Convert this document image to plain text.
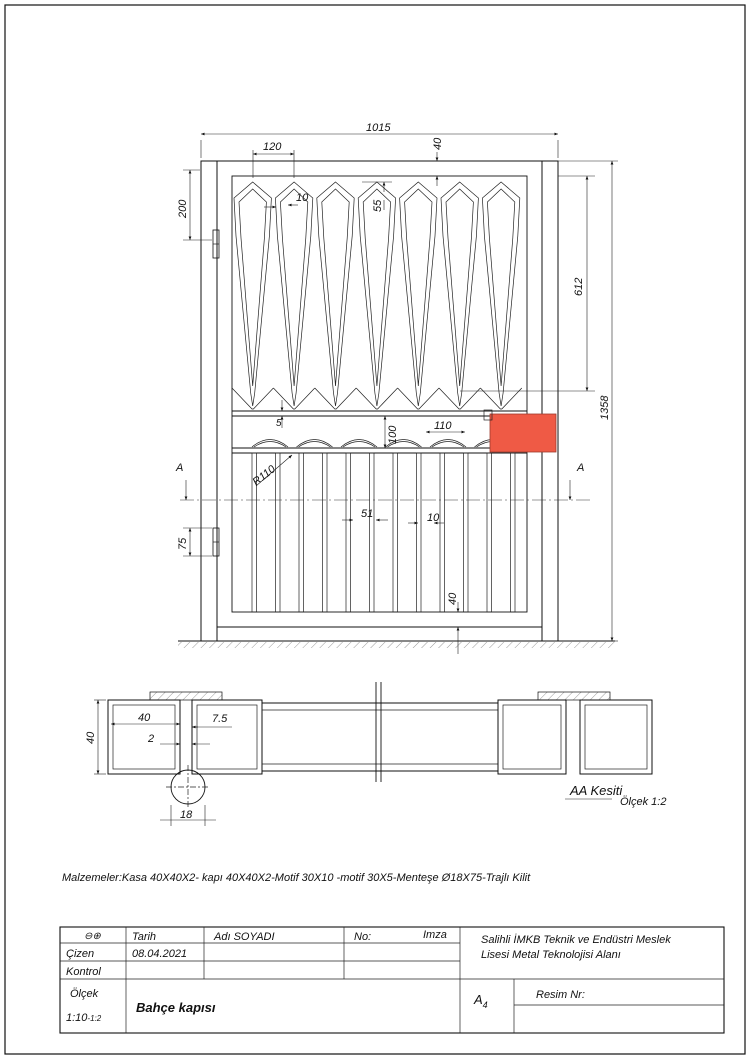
A	A
1015
120	40
10
55
200
612
1358
5
100	110
R110
51	10
75
40
40	7.5
2
40
18
AA Kesiti
Ölçek 1:2
Malzemeler:Kasa 40X40X2- kapı 40X40X2-Motif 30X10 -motif 30X5-Menteşe Ø18X75-Trajlı Kilit
⊖⊕	Tarih	Adı SOYADI	No:	Imza
Çizen	08.04.2021
Kontrol
Salihli İMKB Teknik ve Endüstri Meslek
Lisesi Metal Teknolojisi Alanı
Ölçek
1:10-1:2
Bahçe kapısı
$A_4$
Resim Nr:
